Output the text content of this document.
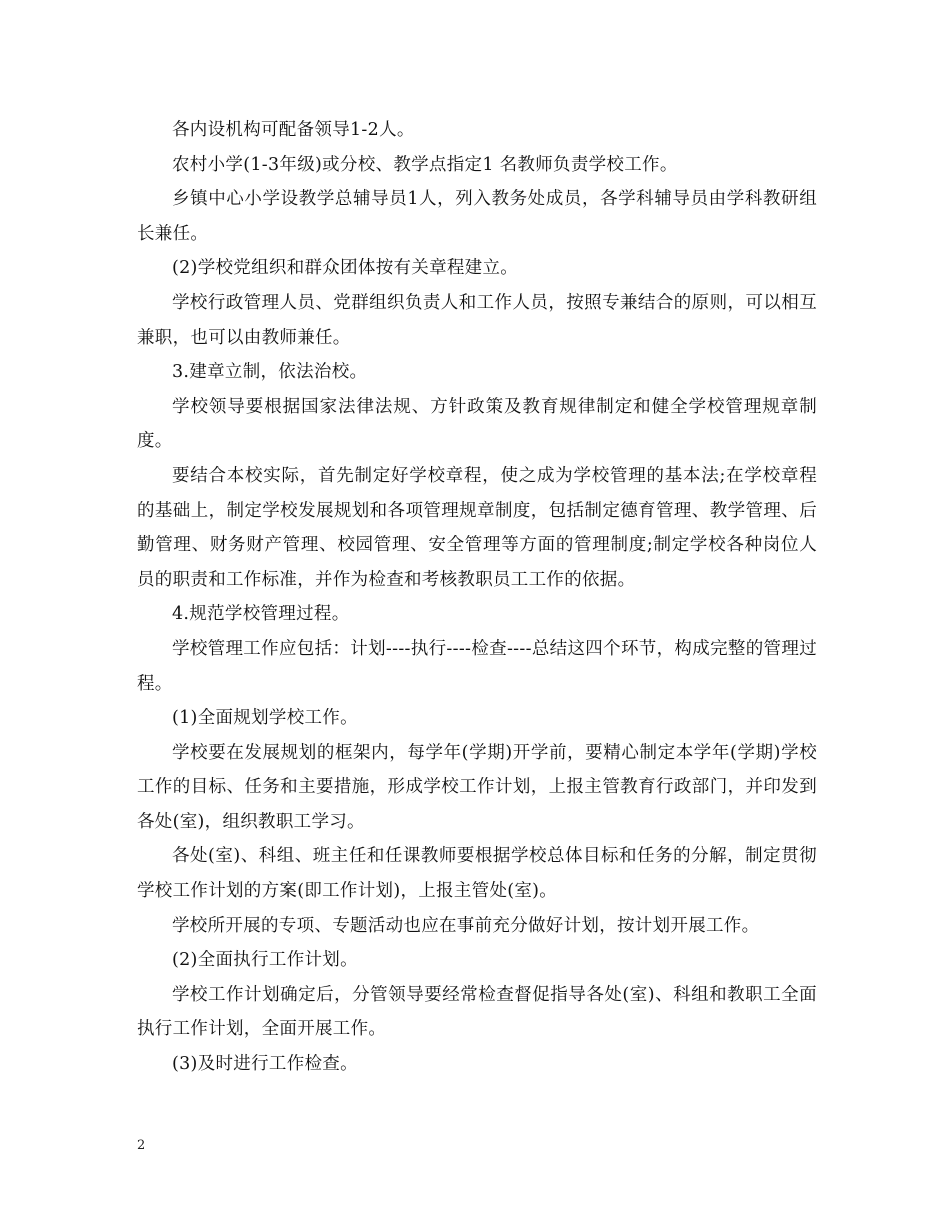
各内设机构可配备领导1-2人。

农村小学(1-3年级)或分校、教学点指定1 名教师负责学校工作。

乡镇中心小学设教学总辅导员1人，列入教务处成员，各学科辅导员由学科教研组长兼任。

(2)学校党组织和群众团体按有关章程建立。

学校行政管理人员、党群组织负责人和工作人员，按照专兼结合的原则，可以相互兼职，也可以由教师兼任。

3.建章立制，依法治校。

学校领导要根据国家法律法规、方针政策及教育规律制定和健全学校管理规章制度。

要结合本校实际，首先制定好学校章程，使之成为学校管理的基本法;在学校章程的基础上，制定学校发展规划和各项管理规章制度，包括制定德育管理、教学管理、后勤管理、财务财产管理、校园管理、安全管理等方面的管理制度;制定学校各种岗位人员的职责和工作标准，并作为检查和考核教职员工工作的依据。

4.规范学校管理过程。

学校管理工作应包括：计划----执行----检查----总结这四个环节，构成完整的管理过程。

(1)全面规划学校工作。

学校要在发展规划的框架内，每学年(学期)开学前，要精心制定本学年(学期)学校工作的目标、任务和主要措施，形成学校工作计划，上报主管教育行政部门，并印发到各处(室)，组织教职工学习。

各处(室)、科组、班主任和任课教师要根据学校总体目标和任务的分解，制定贯彻学校工作计划的方案(即工作计划)，上报主管处(室)。

学校所开展的专项、专题活动也应在事前充分做好计划，按计划开展工作。

(2)全面执行工作计划。

学校工作计划确定后，分管领导要经常检查督促指导各处(室)、科组和教职工全面执行工作计划，全面开展工作。

(3)及时进行工作检查。

2
